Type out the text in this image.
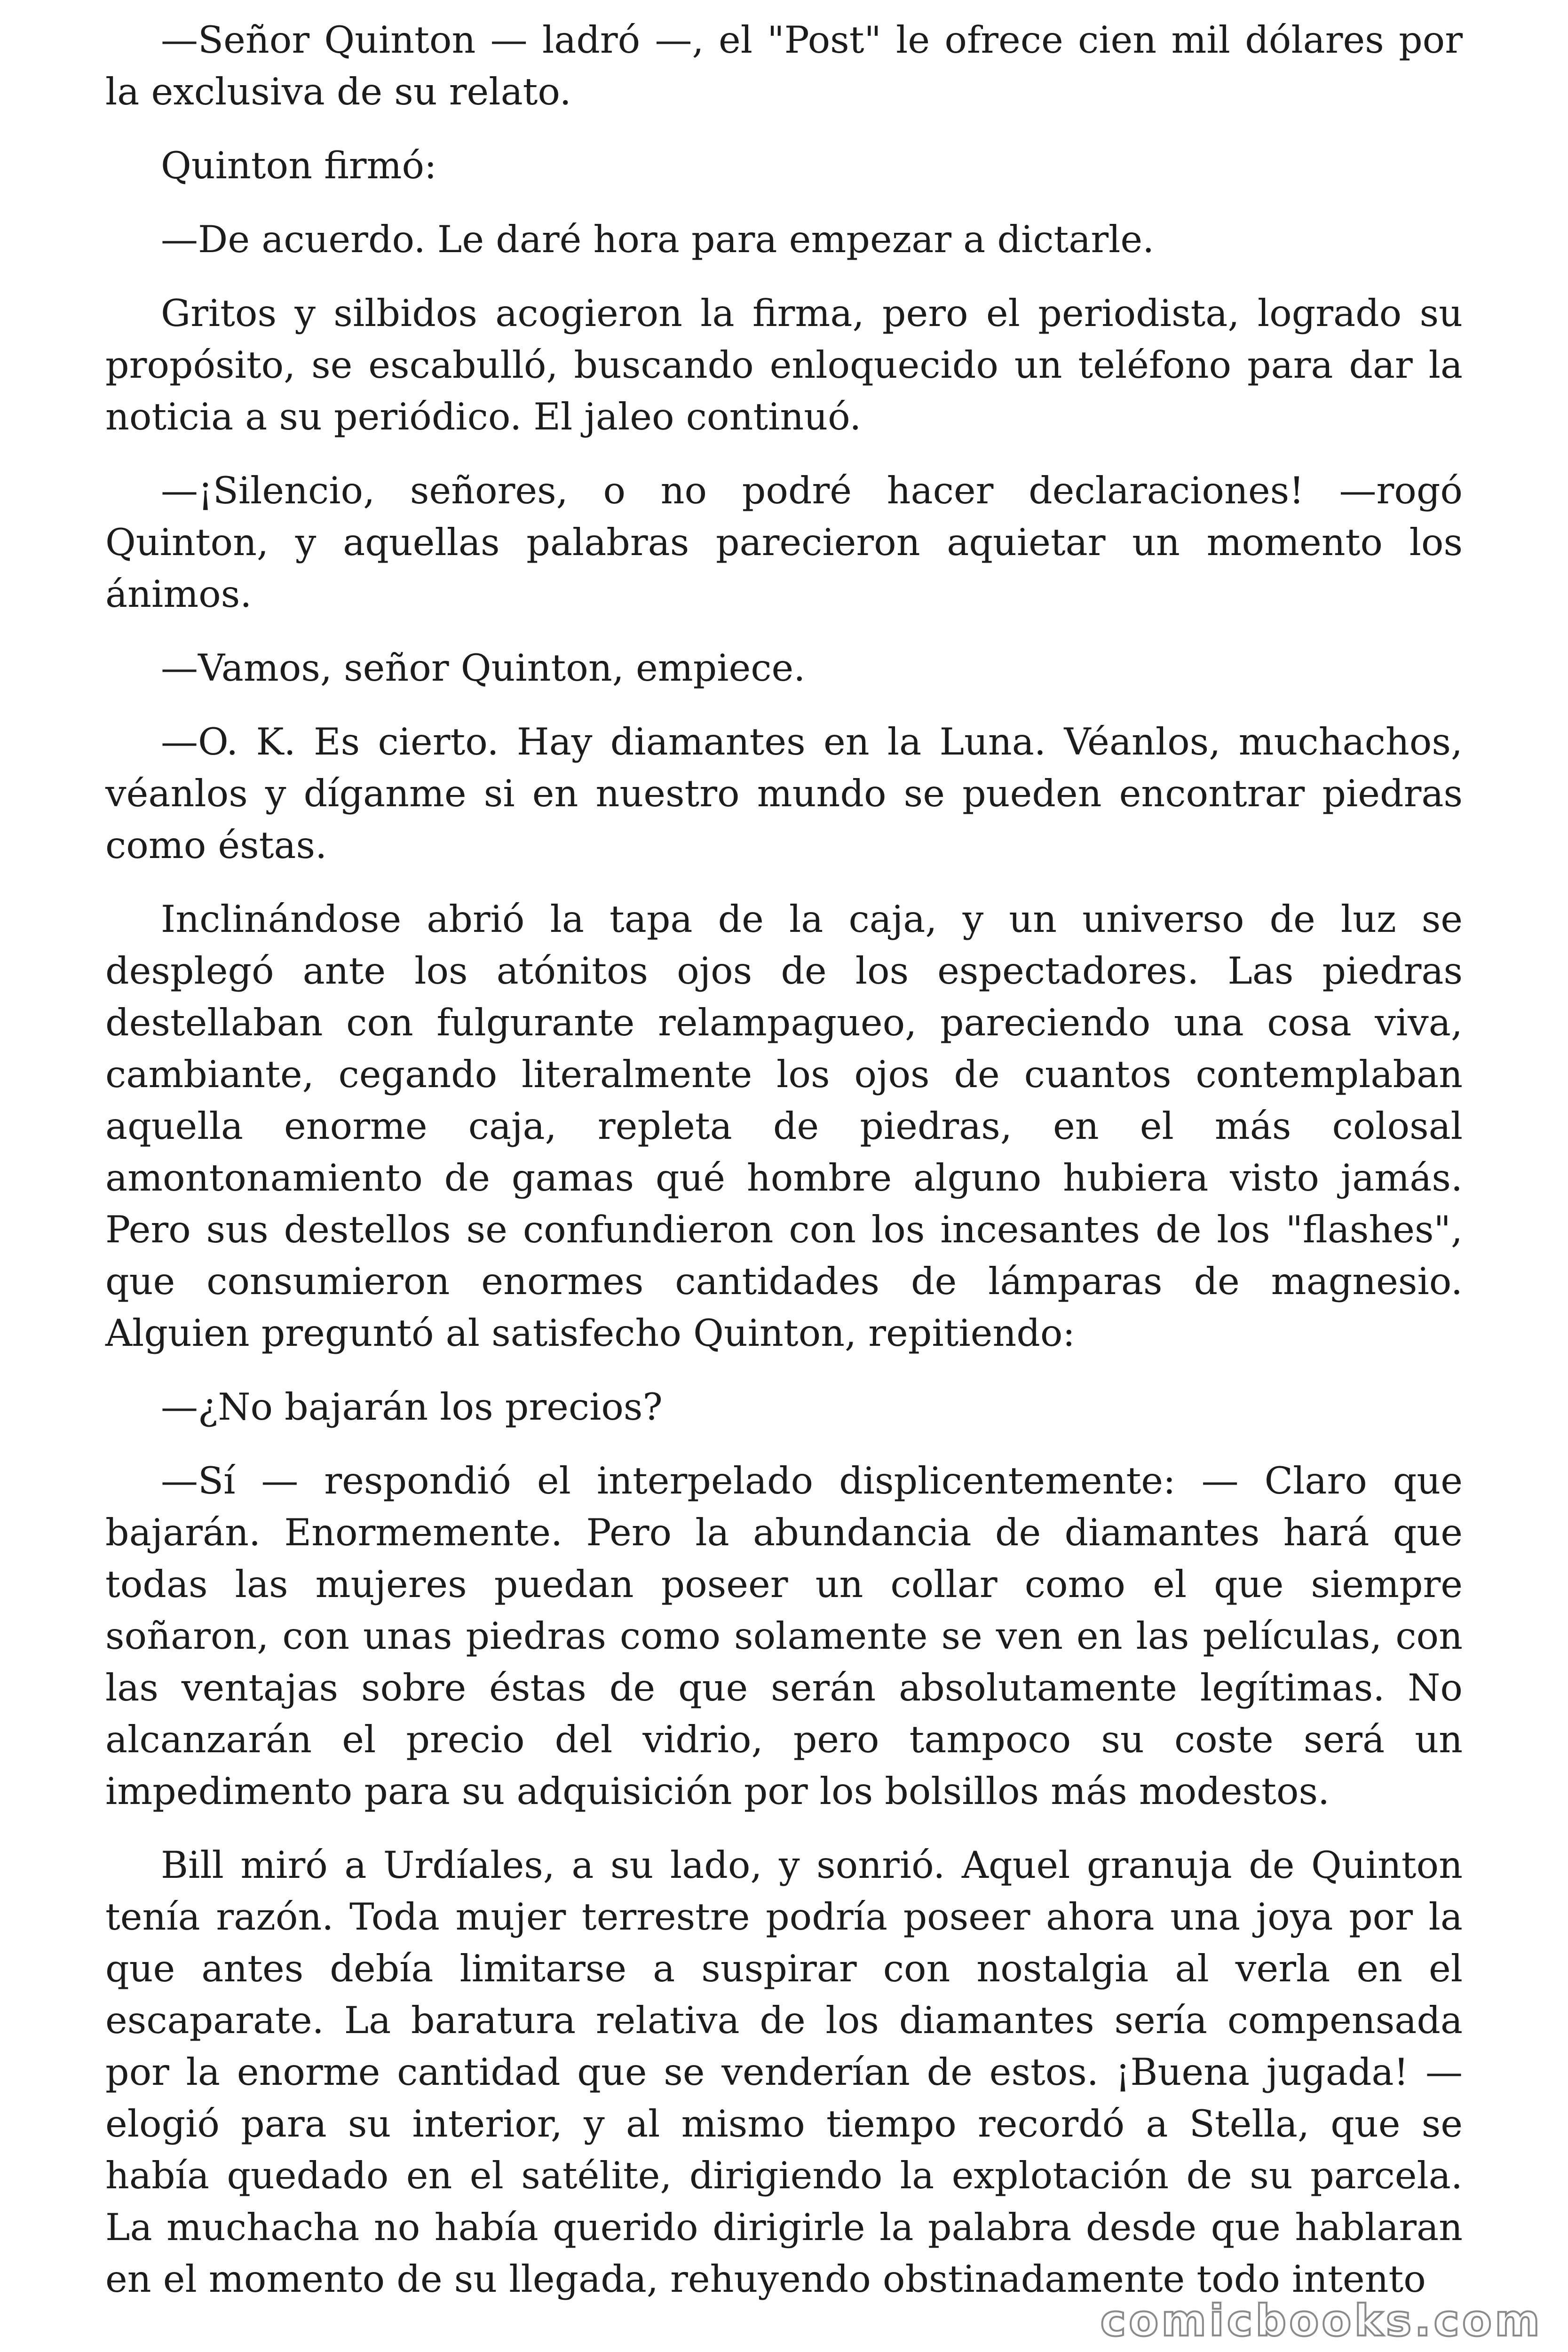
—Señor Quinton — ladró —, el "Post" le ofrece cien mil dólares por la exclusiva de su relato.

Quinton firmó:

—De acuerdo. Le daré hora para empezar a dictarle.

Gritos y silbidos acogieron la firma, pero el periodista, logrado su propósito, se escabulló, buscando enloquecido un teléfono para dar la noticia a su periódico. El jaleo continuó.

—¡Silencio, señores, o no podré hacer declaraciones! —rogó Quinton, y aquellas palabras parecieron aquietar un momento los ánimos.

—Vamos, señor Quinton, empiece.

—O. K. Es cierto. Hay diamantes en la Luna. Véanlos, muchachos, véanlos y díganme si en nuestro mundo se pueden encontrar piedras como éstas.

Inclinándose abrió la tapa de la caja, y un universo de luz se desplegó ante los atónitos ojos de los espectadores. Las piedras destellaban con fulgurante relampagueo, pareciendo una cosa viva, cambiante, cegando literalmente los ojos de cuantos contemplaban aquella enorme caja, repleta de piedras, en el más colosal amontonamiento de gamas qué hombre alguno hubiera visto jamás. Pero sus destellos se confundieron con los incesantes de los "flashes", que consumieron enormes cantidades de lámparas de magnesio. Alguien preguntó al satisfecho Quinton, repitiendo:

—¿No bajarán los precios?

—Sí — respondió el interpelado displicentemente: — Claro que bajarán. Enormemente. Pero la abundancia de diamantes hará que todas las mujeres puedan poseer un collar como el que siempre soñaron, con unas piedras como solamente se ven en las películas, con las ventajas sobre éstas de que serán absolutamente legítimas. No alcanzarán el precio del vidrio, pero tampoco su coste será un impedimento para su adquisición por los bolsillos más modestos.

Bill miró a Urdíales, a su lado, y sonrió. Aquel granuja de Quinton tenía razón. Toda mujer terrestre podría poseer ahora una joya por la que antes debía limitarse a suspirar con nostalgia al verla en el escaparate. La baratura relativa de los diamantes sería compensada por la enorme cantidad que se venderían de estos. ¡Buena jugada! —elogió para su interior, y al mismo tiempo recordó a Stella, que se había quedado en el satélite, dirigiendo la explotación de su parcela. La muchacha no había querido dirigirle la palabra desde que hablaran en el momento de su llegada, rehuyendo obstinadamente todo intento

comicbooks.com
